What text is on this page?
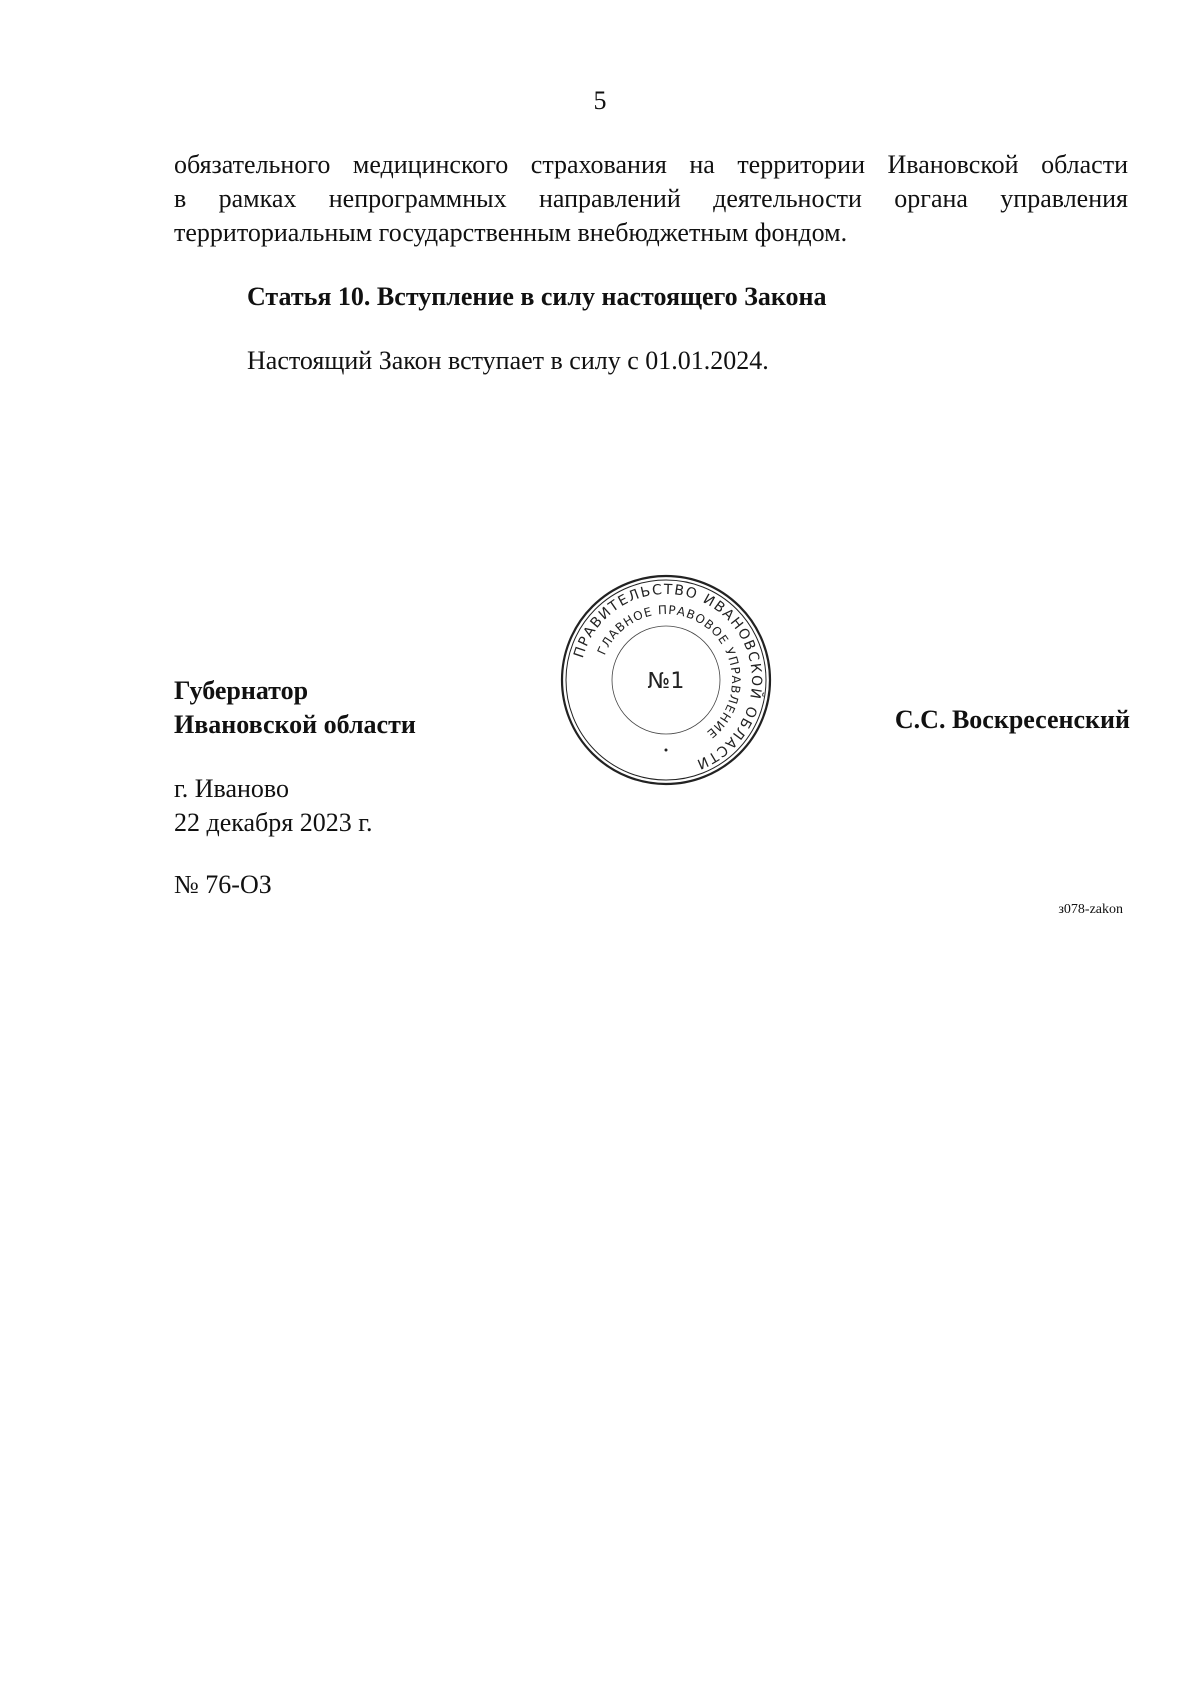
5
обязательного медицинского страхования на территории Ивановской области
в рамках непрограммных направлений деятельности органа управления
территориальным государственным внебюджетным фондом.
Статья 10. Вступление в силу настоящего Закона
Настоящий Закон вступает в силу с 01.01.2024.
Губернатор
Ивановской области
ПРАВИТЕЛЬСТВО ИВАНОВСКОЙ ОБЛАСТИ
ГЛАВНОЕ ПРАВОВОЕ УПРАВЛЕНИЕ
№1
С.С. Воскресенский
г. Иваново
22 декабря 2023 г.
№ 76-ОЗ
з078-zakon
